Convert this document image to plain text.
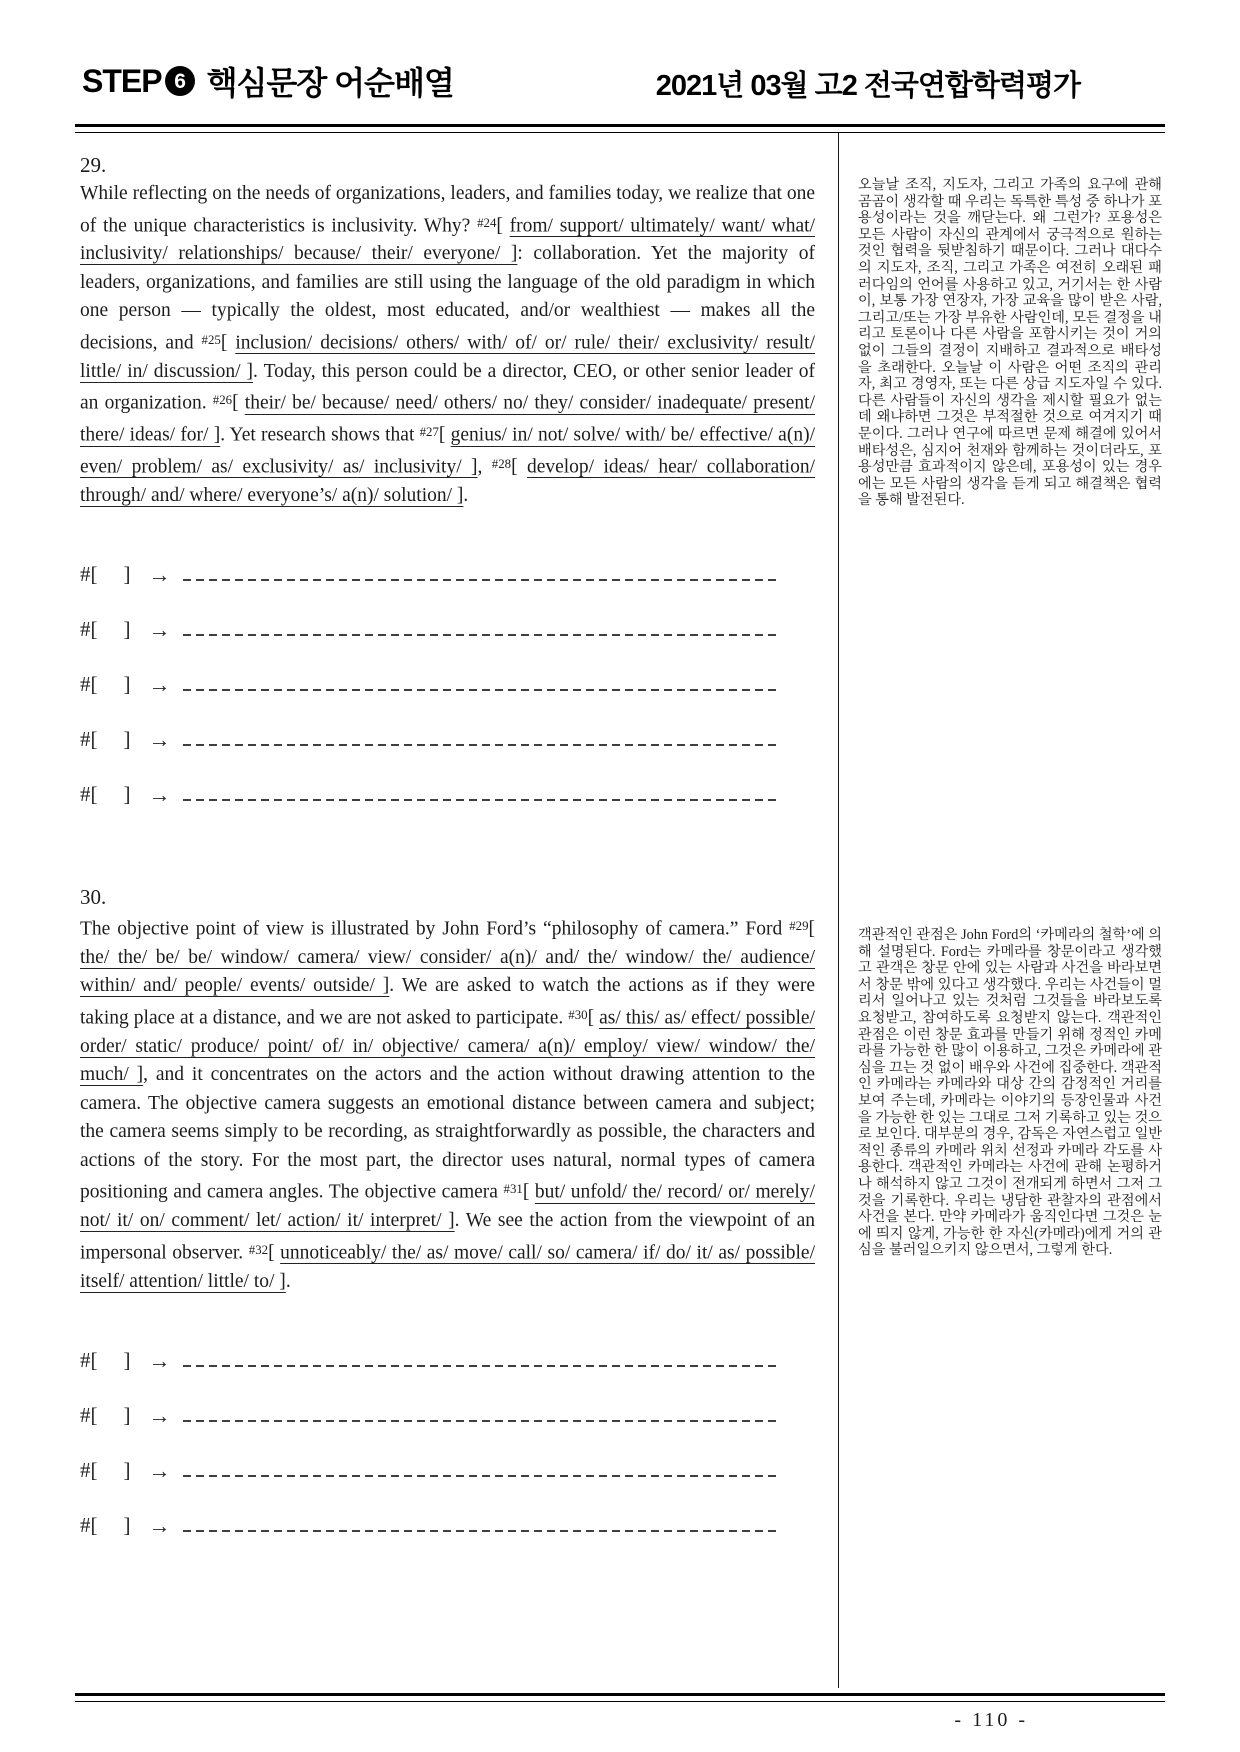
STEP 6 핵심문장 어순배열	2021년 03월 고2 전국연합학력평가
29.

While reflecting on the needs of organizations, leaders, and families today, we realize that one of the unique characteristics is inclusivity. Why? $^{\#24}$[ from/ support/ ultimately/ want/ what/ inclusivity/ relationships/ because/ their/ everyone/ ]: collaboration. Yet the majority of leaders, organizations, and families are still using the language of the old paradigm in which one person ― typically the oldest, most educated, and/or wealthiest ― makes all the decisions, and $^{\#25}$[ inclusion/ decisions/ others/ with/ of/ or/ rule/ their/ exclusivity/ result/ little/ in/ discussion/ ]. Today, this person could be a director, CEO, or other senior leader of an organization. $^{\#26}$[ their/ be/ because/ need/ others/ no/ they/ consider/ inadequate/ present/ there/ ideas/ for/ ]. Yet research shows that $^{\#27}$[ genius/ in/ not/ solve/ with/ be/ effective/ a(n)/ even/ problem/ as/ exclusivity/ as/ inclusivity/ ], $^{\#28}$[ develop/ ideas/ hear/ collaboration/ through/ and/ where/ everyone’s/ a(n)/ solution/ ].

#[ ] →
#[ ] →
#[ ] →
#[ ] →
#[ ] →
30.

The objective point of view is illustrated by John Ford’s “philosophy of camera.” Ford $^{\#29}$[ the/ the/ be/ be/ window/ camera/ view/ consider/ a(n)/ and/ the/ window/ the/ audience/ within/ and/ people/ events/ outside/ ]. We are asked to watch the actions as if they were taking place at a distance, and we are not asked to participate. $^{\#30}$[ as/ this/ as/ effect/ possible/ order/ static/ produce/ point/ of/ in/ objective/ camera/ a(n)/ employ/ view/ window/ the/ much/ ], and it concentrates on the actors and the action without drawing attention to the camera. The objective camera suggests an emotional distance between camera and subject; the camera seems simply to be recording, as straightforwardly as possible, the characters and actions of the story. For the most part, the director uses natural, normal types of camera positioning and camera angles. The objective camera $^{\#31}$[ but/ unfold/ the/ record/ or/ merely/ not/ it/ on/ comment/ let/ action/ it/ interpret/ ]. We see the action from the viewpoint of an impersonal observer. $^{\#32}$[ unnoticeably/ the/ as/ move/ call/ so/ camera/ if/ do/ it/ as/ possible/ itself/ attention/ little/ to/ ].

#[ ] →
#[ ] →
#[ ] →
#[ ] →

오늘날 조직, 지도자, 그리고 가족의 요구에 관해 곰곰이 생각할 때 우리는 독특한 특성 중 하나가 포용성이라는 것을 깨닫는다. 왜 그런가? 포용성은 모든 사람이 자신의 관계에서 궁극적으로 원하는 것인 협력을 뒷받침하기 때문이다. 그러나 대다수의 지도자, 조직, 그리고 가족은 여전히 오래된 패러다임의 언어를 사용하고 있고, 거기서는 한 사람이, 보통 가장 연장자, 가장 교육을 많이 받은 사람, 그리고/또는 가장 부유한 사람인데, 모든 결정을 내리고 토론이나 다른 사람을 포함시키는 것이 거의 없이 그들의 결정이 지배하고 결과적으로 배타성을 초래한다. 오늘날 이 사람은 어떤 조직의 관리자, 최고 경영자, 또는 다른 상급 지도자일 수 있다. 다른 사람들이 자신의 생각을 제시할 필요가 없는데 왜냐하면 그것은 부적절한 것으로 여겨지기 때문이다. 그러나 연구에 따르면 문제 해결에 있어서 배타성은, 심지어 천재와 함께하는 것이더라도, 포용성만큼 효과적이지 않은데, 포용성이 있는 경우에는 모든 사람의 생각을 듣게 되고 해결책은 협력을 통해 발전된다.

객관적인 관점은 John Ford의 ‘카메라의 철학’에 의해 설명된다. Ford는 카메라를 창문이라고 생각했고 관객은 창문 안에 있는 사람과 사건을 바라보면서 창문 밖에 있다고 생각했다. 우리는 사건들이 멀리서 일어나고 있는 것처럼 그것들을 바라보도록 요청받고, 참여하도록 요청받지 않는다. 객관적인 관점은 이런 창문 효과를 만들기 위해 정적인 카메라를 가능한 한 많이 이용하고, 그것은 카메라에 관심을 끄는 것 없이 배우와 사건에 집중한다. 객관적인 카메라는 카메라와 대상 간의 감정적인 거리를 보여 주는데, 카메라는 이야기의 등장인물과 사건을 가능한 한 있는 그대로 그저 기록하고 있는 것으로 보인다. 대부분의 경우, 감독은 자연스럽고 일반적인 종류의 카메라 위치 선정과 카메라 각도를 사용한다. 객관적인 카메라는 사건에 관해 논평하거나 해석하지 않고 그것이 전개되게 하면서 그저 그것을 기록한다. 우리는 냉담한 관찰자의 관점에서 사건을 본다. 만약 카메라가 움직인다면 그것은 눈에 띄지 않게, 가능한 한 자신(카메라)에게 거의 관심을 불러일으키지 않으면서, 그렇게 한다.

- 110 -
